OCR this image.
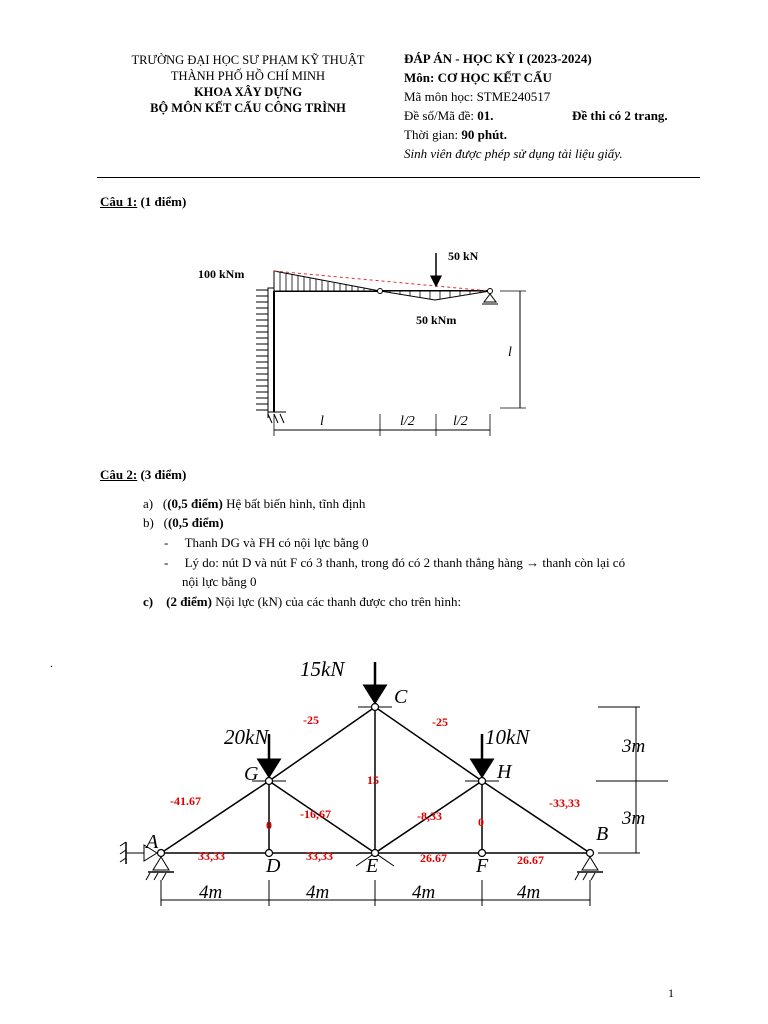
TRƯỜNG ĐẠI HỌC SƯ PHẠM KỸ THUẬT
THÀNH PHỐ HỒ CHÍ MINH
KHOA XÂY DỰNG
BỘ MÔN KẾT CẤU CÔNG TRÌNH
ĐÁP ÁN - HỌC KỲ I (2023-2024)
Môn: CƠ HỌC KẾT CẤU
Mã môn học: STME240517
Đề số/Mã đề: 01.	Đề thi có 2 trang.
Thời gian: 90 phút.
Sinh viên được phép sử dụng tài liệu giấy.
Câu 1: (1 điểm)
50 kN
100 kNm
50 kNm
l
l	l/2	l/2
Câu 2: (3 điểm)
a)   ((0,5 điểm) Hệ bất biến hình, tĩnh định
b)   ((0,5 điểm)
-     Thanh DG và FH có nội lực bằng 0
-     Lý do: nút D và nút F có 3 thanh, trong đó có 2 thanh thẳng hàng → thanh còn lại có
nội lực bằng 0
c) (2 điểm) Nội lực (kN) của các thanh được cho trên hình:
15kN
20kN	10kN
A	B
C
G	H
D	E	F
-25	-25
-41.67	-33,33
15
-16,67	-8,33
0	0
33,33	33,33	26.67	26.67
3m
3m
4m	4m	4m	4m
.
1
